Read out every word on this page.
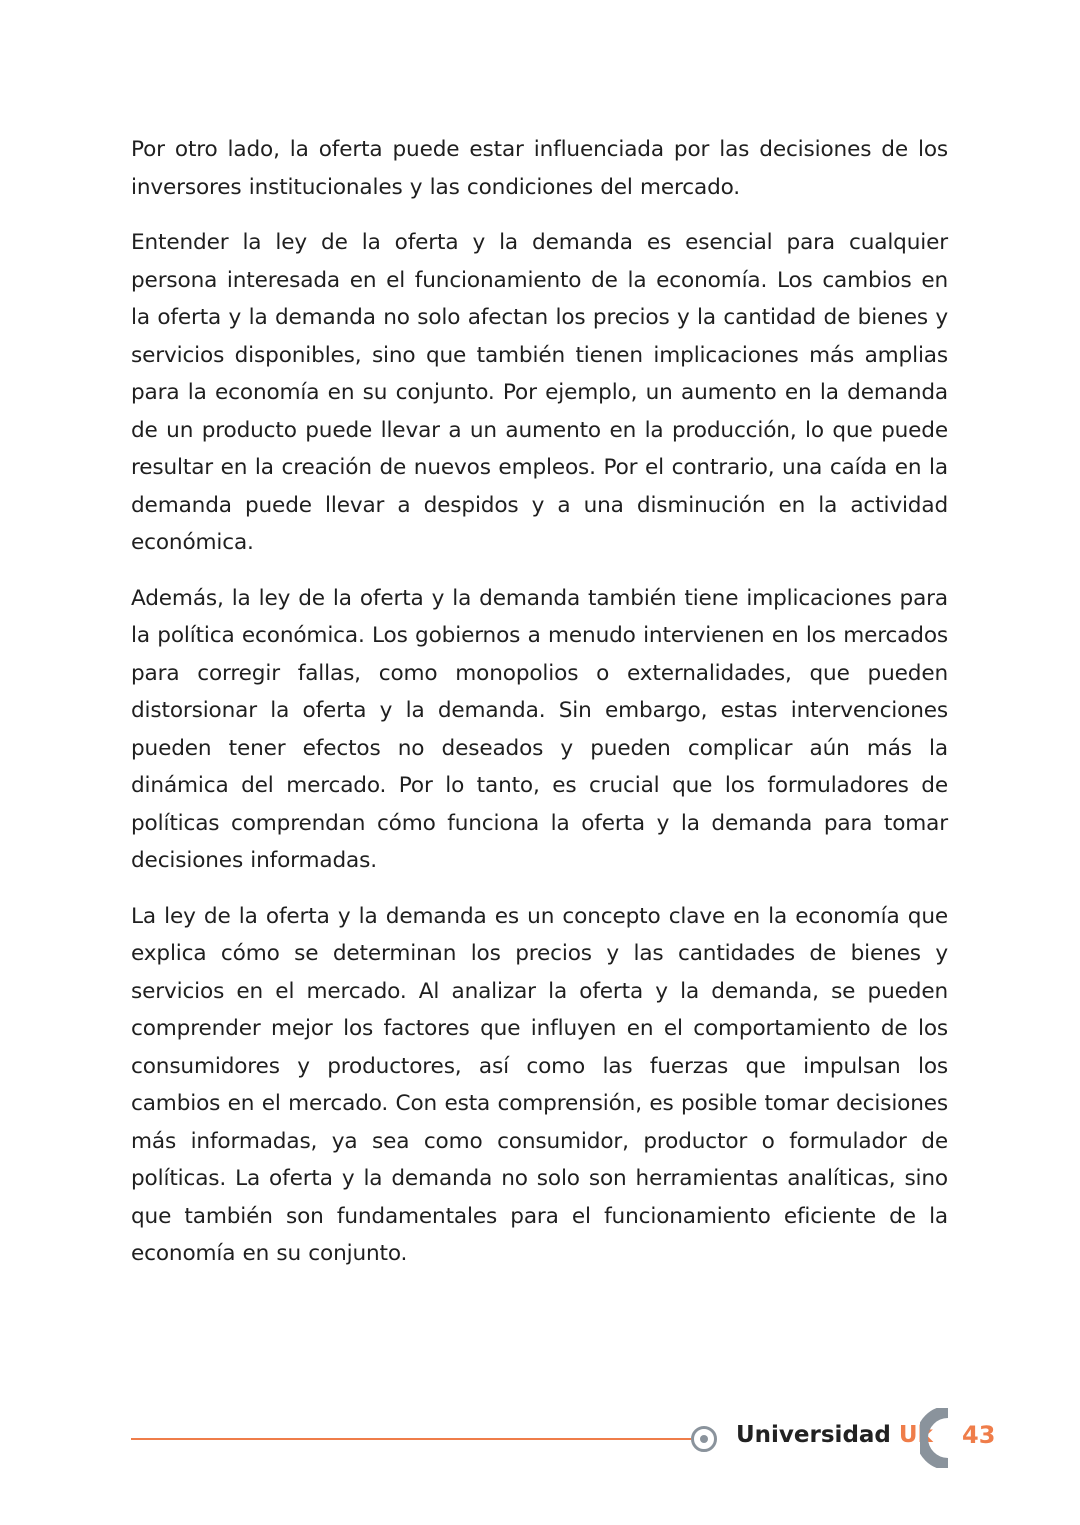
Por otro lado, la oferta puede estar influenciada por las decisiones de los inversores institucionales y las condiciones del mercado.

Entender la ley de la oferta y la demanda es esencial para cualquier persona interesada en el funcionamiento de la economía. Los cambios en la oferta y la demanda no solo afectan los precios y la cantidad de bienes y servicios disponibles, sino que también tienen implicaciones más amplias para la economía en su conjunto. Por ejemplo, un aumento en la demanda de un producto puede llevar a un aumento en la producción, lo que puede resultar en la creación de nuevos empleos. Por el contrario, una caída en la demanda puede llevar a despidos y a una disminución en la actividad económica.

Además, la ley de la oferta y la demanda también tiene implicaciones para la política económica. Los gobiernos a menudo intervienen en los mercados para corregir fallas, como monopolios o externalidades, que pueden distorsionar la oferta y la demanda. Sin embargo, estas intervenciones pueden tener efectos no deseados y pueden complicar aún más la dinámica del mercado. Por lo tanto, es crucial que los formuladores de políticas comprendan cómo funciona la oferta y la demanda para tomar decisiones informadas.

La ley de la oferta y la demanda es un concepto clave en la economía que explica cómo se determinan los precios y las cantidades de bienes y servicios en el mercado. Al analizar la oferta y la demanda, se pueden comprender mejor los factores que influyen en el comportamiento de los consumidores y productores, así como las fuerzas que impulsan los cambios en el mercado. Con esta comprensión, es posible tomar decisiones más informadas, ya sea como consumidor, productor o formulador de políticas. La oferta y la demanda no solo son herramientas analíticas, sino que también son fundamentales para el funcionamiento eficiente de la economía en su conjunto.

Universidad Uk 43
